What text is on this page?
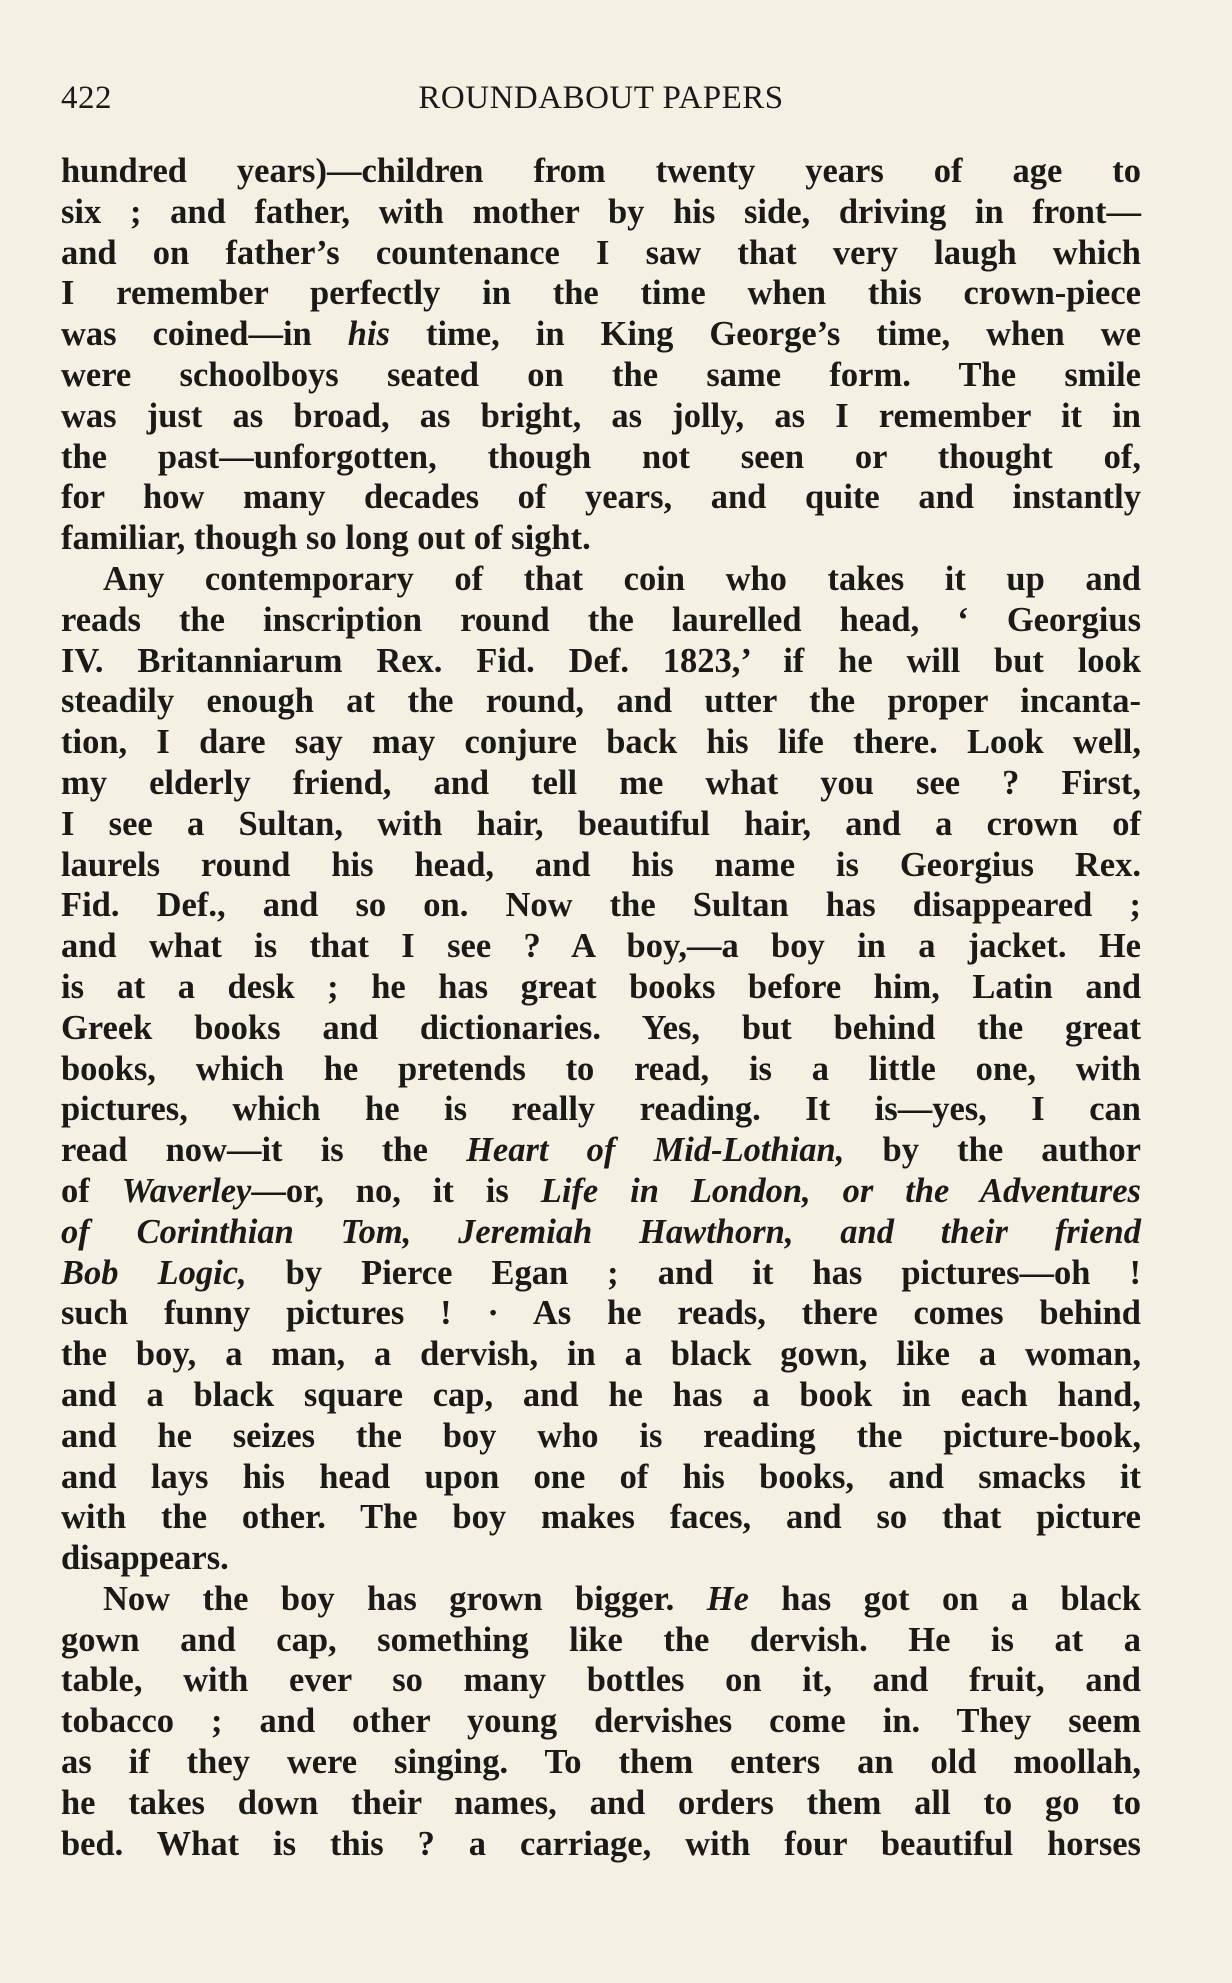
422	ROUNDABOUT PAPERS
hundred years)—children from twenty years of age to
six ; and father, with mother by his side, driving in front—
and on father’s countenance I saw that very laugh which
I remember perfectly in the time when this crown-piece
was coined—in his time, in King George’s time, when we
were schoolboys seated on the same form. The smile
was just as broad, as bright, as jolly, as I remember it in
the past—unforgotten, though not seen or thought of,
for how many decades of years, and quite and instantly
familiar, though so long out of sight.
Any contemporary of that coin who takes it up and
reads the inscription round the laurelled head, ‘ Georgius
IV. Britanniarum Rex. Fid. Def. 1823,’ if he will but look
steadily enough at the round, and utter the proper incanta-
tion, I dare say may conjure back his life there. Look well,
my elderly friend, and tell me what you see ? First,
I see a Sultan, with hair, beautiful hair, and a crown of
laurels round his head, and his name is Georgius Rex.
Fid. Def., and so on. Now the Sultan has disappeared ;
and what is that I see ? A boy,—a boy in a jacket. He
is at a desk ; he has great books before him, Latin and
Greek books and dictionaries. Yes, but behind the great
books, which he pretends to read, is a little one, with
pictures, which he is really reading. It is—yes, I can
read now—it is the Heart of Mid-Lothian, by the author
of Waverley—or, no, it is Life in London, or the Adventures
of Corinthian Tom, Jeremiah Hawthorn, and their friend
Bob Logic, by Pierce Egan ; and it has pictures—oh !
such funny pictures ! · As he reads, there comes behind
the boy, a man, a dervish, in a black gown, like a woman,
and a black square cap, and he has a book in each hand,
and he seizes the boy who is reading the picture-book,
and lays his head upon one of his books, and smacks it
with the other. The boy makes faces, and so that picture
disappears.
Now the boy has grown bigger. He has got on a black
gown and cap, something like the dervish. He is at a
table, with ever so many bottles on it, and fruit, and
tobacco ; and other young dervishes come in. They seem
as if they were singing. To them enters an old moollah,
he takes down their names, and orders them all to go to
bed. What is this ? a carriage, with four beautiful horses
